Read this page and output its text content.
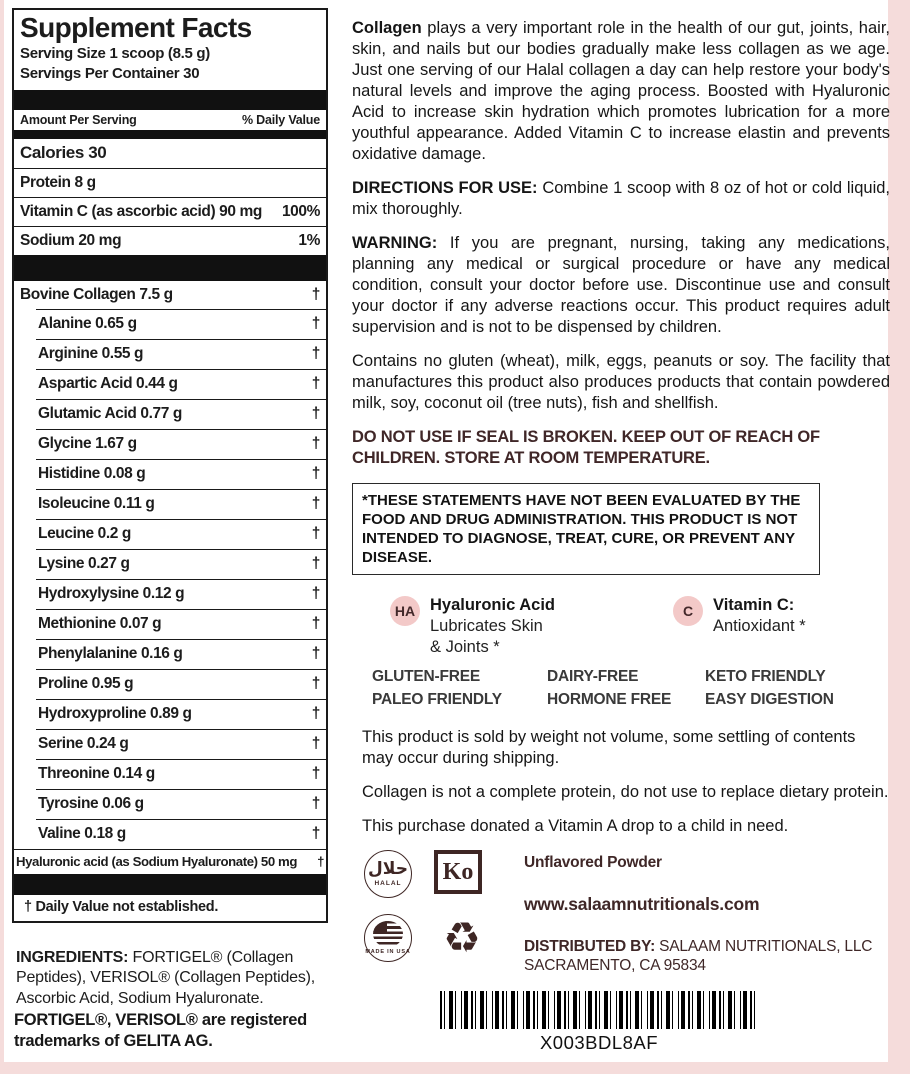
Supplement Facts
Serving Size 1 scoop (8.5 g)
Servings Per Container 30
Amount Per Serving	% Daily Value
Calories 30
Protein 8 g
Vitamin C (as ascorbic acid) 90 mg 100%
Sodium 20 mg	1%
Bovine Collagen 7.5 g	†
Alanine 0.65 g	†
Arginine 0.55 g	†
Aspartic Acid 0.44 g	†
Glutamic Acid 0.77 g	†
Glycine 1.67 g	†
Histidine 0.08 g	†
Isoleucine 0.11 g	†
Leucine 0.2 g	†
Lysine 0.27 g	†
Hydroxylysine 0.12 g	†
Methionine 0.07 g	†
Phenylalanine 0.16 g	†
Proline 0.95 g	†
Hydroxyproline 0.89 g	†
Serine 0.24 g	†
Threonine 0.14 g	†
Tyrosine 0.06 g	†
Valine 0.18 g	†
Hyaluronic acid (as Sodium Hyaluronate) 50 mg †
† Daily Value not established.
INGREDIENTS: FORTIGEL® (Collagen Peptides), VERISOL® (Collagen Peptides), Ascorbic Acid, Sodium Hyaluronate.
FORTIGEL®, VERISOL® are registered trademarks of GELITA AG.

Collagen plays a very important role in the health of our gut, joints, hair, skin, and nails but our bodies gradually make less collagen as we age. Just one serving of our Halal collagen a day can help restore your body's natural levels and improve the aging process. Boosted with Hyaluronic Acid to increase skin hydration which promotes lubrication for a more youthful appearance. Added Vitamin C to increase elastin and prevents oxidative damage.

DIRECTIONS FOR USE: Combine 1 scoop with 8 oz of hot or cold liquid, mix thoroughly.

WARNING: If you are pregnant, nursing, taking any medications, planning any medical or surgical procedure or have any medical condition, consult your doctor before use. Discontinue use and consult your doctor if any adverse reactions occur. This product requires adult supervision and is not to be dispensed by children.

Contains no gluten (wheat), milk, eggs, peanuts or soy. The facility that manufactures this product also produces products that contain powdered milk, soy, coconut oil (tree nuts), fish and shellfish.

DO NOT USE IF SEAL IS BROKEN. KEEP OUT OF REACH OF CHILDREN. STORE AT ROOM TEMPERATURE.

*THESE STATEMENTS HAVE NOT BEEN EVALUATED BY THE FOOD AND DRUG ADMINISTRATION. THIS PRODUCT IS NOT INTENDED TO DIAGNOSE, TREAT, CURE, OR PREVENT ANY DISEASE.
HA Hyaluronic Acid
Lubricates Skin
& Joints *
C	Vitamin C:
Antioxidant *
GLUTEN-FREE	DAIRY-FREE	KETO FRIENDLY
PALEO FRIENDLY	HORMONE FREE	EASY DIGESTION

This product is sold by weight not volume, some settling of contents may occur during shipping.

Collagen is not a complete protein, do not use to replace dietary protein.

This purchase donated a Vitamin A drop to a child in need.

حلال
HALAL	Ko
MADE IN USA ♻
Unflavored Powder
www.salaamnutritionals.com
DISTRIBUTED BY: SALAAM NUTRITIONALS, LLC SACRAMENTO, CA 95834
X003BDL8AF
